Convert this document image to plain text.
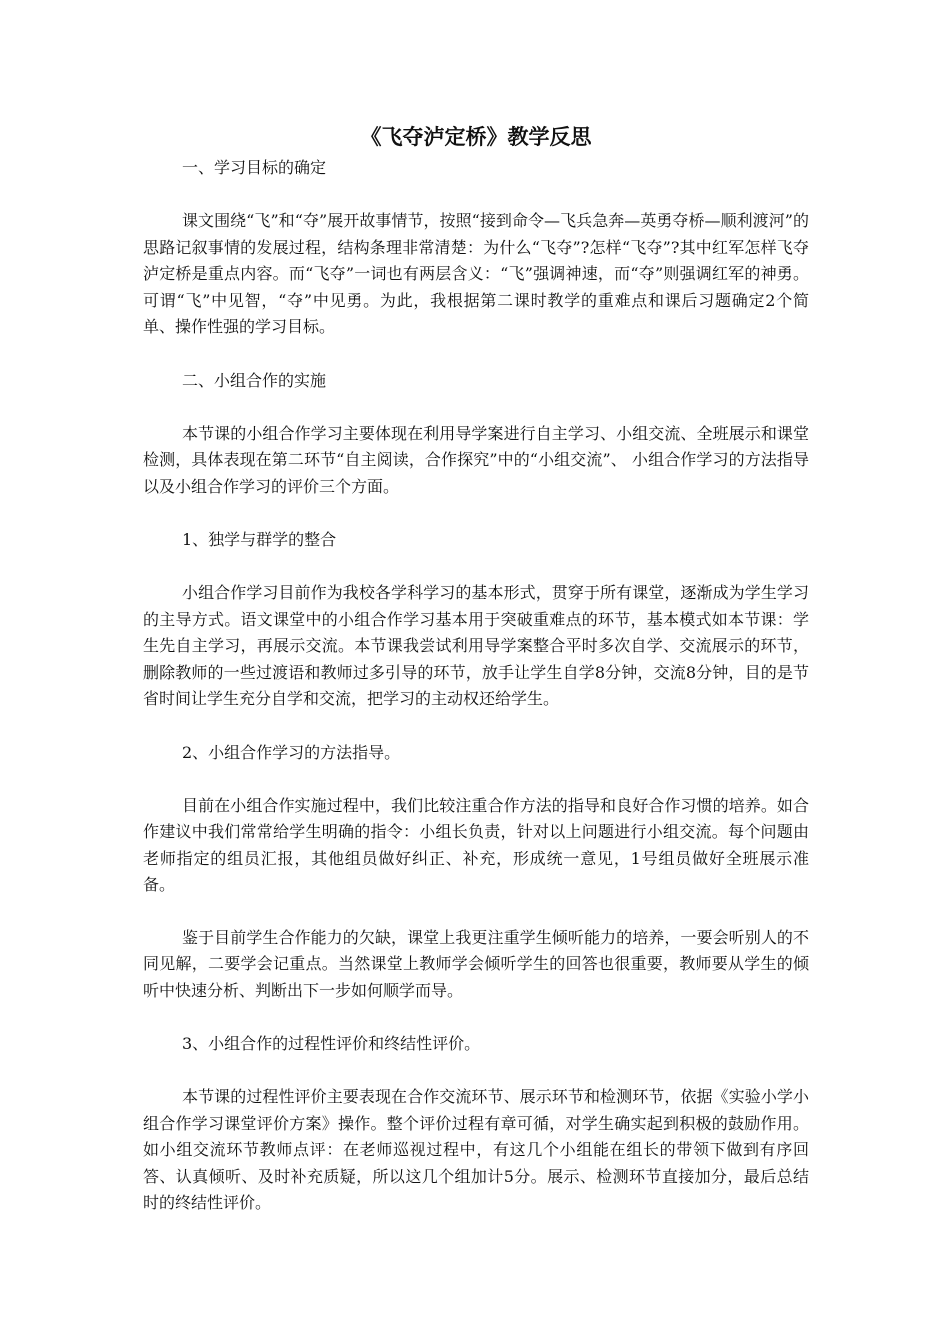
《飞夺泸定桥》教学反思

一、学习目标的确定

课文围绕“飞”和“夺”展开故事情节，按照“接到命令—飞兵急奔—英勇夺桥—顺利渡河”的思路记叙事情的发展过程，结构条理非常清楚：为什么“飞夺”?怎样“飞夺”?其中红军怎样飞夺泸定桥是重点内容。而“飞夺”一词也有两层含义：“飞”强调神速，而“夺”则强调红军的神勇。可谓“飞”中见智，“夺”中见勇。为此，我根据第二课时教学的重难点和课后习题确定2个简单、操作性强的学习目标。

二、小组合作的实施

本节课的小组合作学习主要体现在利用导学案进行自主学习、小组交流、全班展示和课堂检测，具体表现在第二环节“自主阅读，合作探究”中的“小组交流”、 小组合作学习的方法指导以及小组合作学习的评价三个方面。

1、独学与群学的整合

小组合作学习目前作为我校各学科学习的基本形式，贯穿于所有课堂，逐渐成为学生学习的主导方式。语文课堂中的小组合作学习基本用于突破重难点的环节，基本模式如本节课：学生先自主学习，再展示交流。本节课我尝试利用导学案整合平时多次自学、交流展示的环节，删除教师的一些过渡语和教师过多引导的环节，放手让学生自学8分钟，交流8分钟，目的是节省时间让学生充分自学和交流，把学习的主动权还给学生。

2、小组合作学习的方法指导。

目前在小组合作实施过程中，我们比较注重合作方法的指导和良好合作习惯的培养。如合作建议中我们常常给学生明确的指令：小组长负责，针对以上问题进行小组交流。每个问题由老师指定的组员汇报，其他组员做好纠正、补充，形成统一意见，1号组员做好全班展示准备。

鉴于目前学生合作能力的欠缺，课堂上我更注重学生倾听能力的培养，一要会听别人的不同见解，二要学会记重点。当然课堂上教师学会倾听学生的回答也很重要，教师要从学生的倾听中快速分析、判断出下一步如何顺学而导。

3、小组合作的过程性评价和终结性评价。

本节课的过程性评价主要表现在合作交流环节、展示环节和检测环节，依据《实验小学小组合作学习课堂评价方案》操作。整个评价过程有章可循，对学生确实起到积极的鼓励作用。如小组交流环节教师点评：在老师巡视过程中，有这几个小组能在组长的带领下做到有序回答、认真倾听、及时补充质疑，所以这几个组加计5分。展示、检测环节直接加分，最后总结时的终结性评价。
